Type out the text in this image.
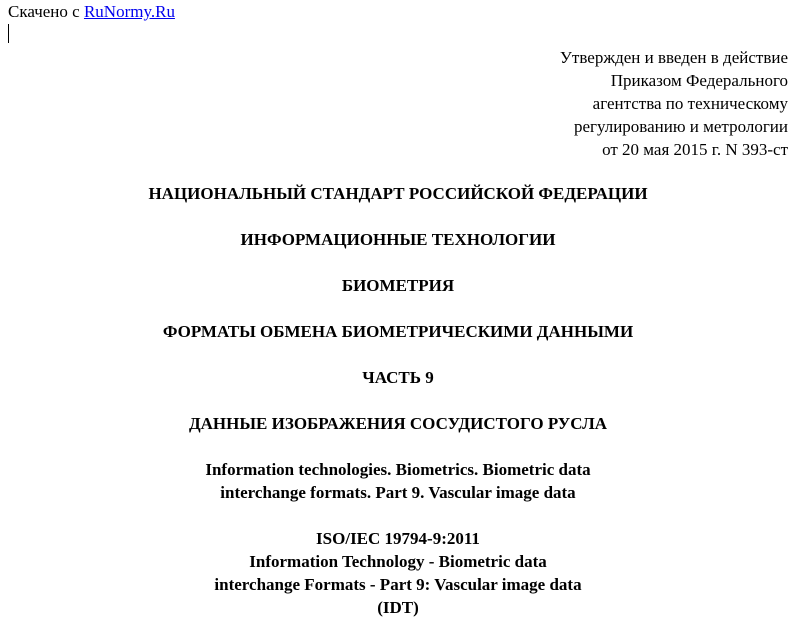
Скачено с RuNormy.Ru
Утвержден и введен в действие
Приказом Федерального
агентства по техническому
регулированию и метрологии
от 20 мая 2015 г. N 393-ст
НАЦИОНАЛЬНЫЙ СТАНДАРТ РОССИЙСКОЙ ФЕДЕРАЦИИ
ИНФОРМАЦИОННЫЕ ТЕХНОЛОГИИ
БИОМЕТРИЯ
ФОРМАТЫ ОБМЕНА БИОМЕТРИЧЕСКИМИ ДАННЫМИ
ЧАСТЬ 9
ДАННЫЕ ИЗОБРАЖЕНИЯ СОСУДИСТОГО РУСЛА
Information technologies. Biometrics. Biometric data
interchange formats. Part 9. Vascular image data
ISO/IEC 19794-9:2011
Information Technology - Biometric data
interchange Formats - Part 9: Vascular image data
(IDT)
